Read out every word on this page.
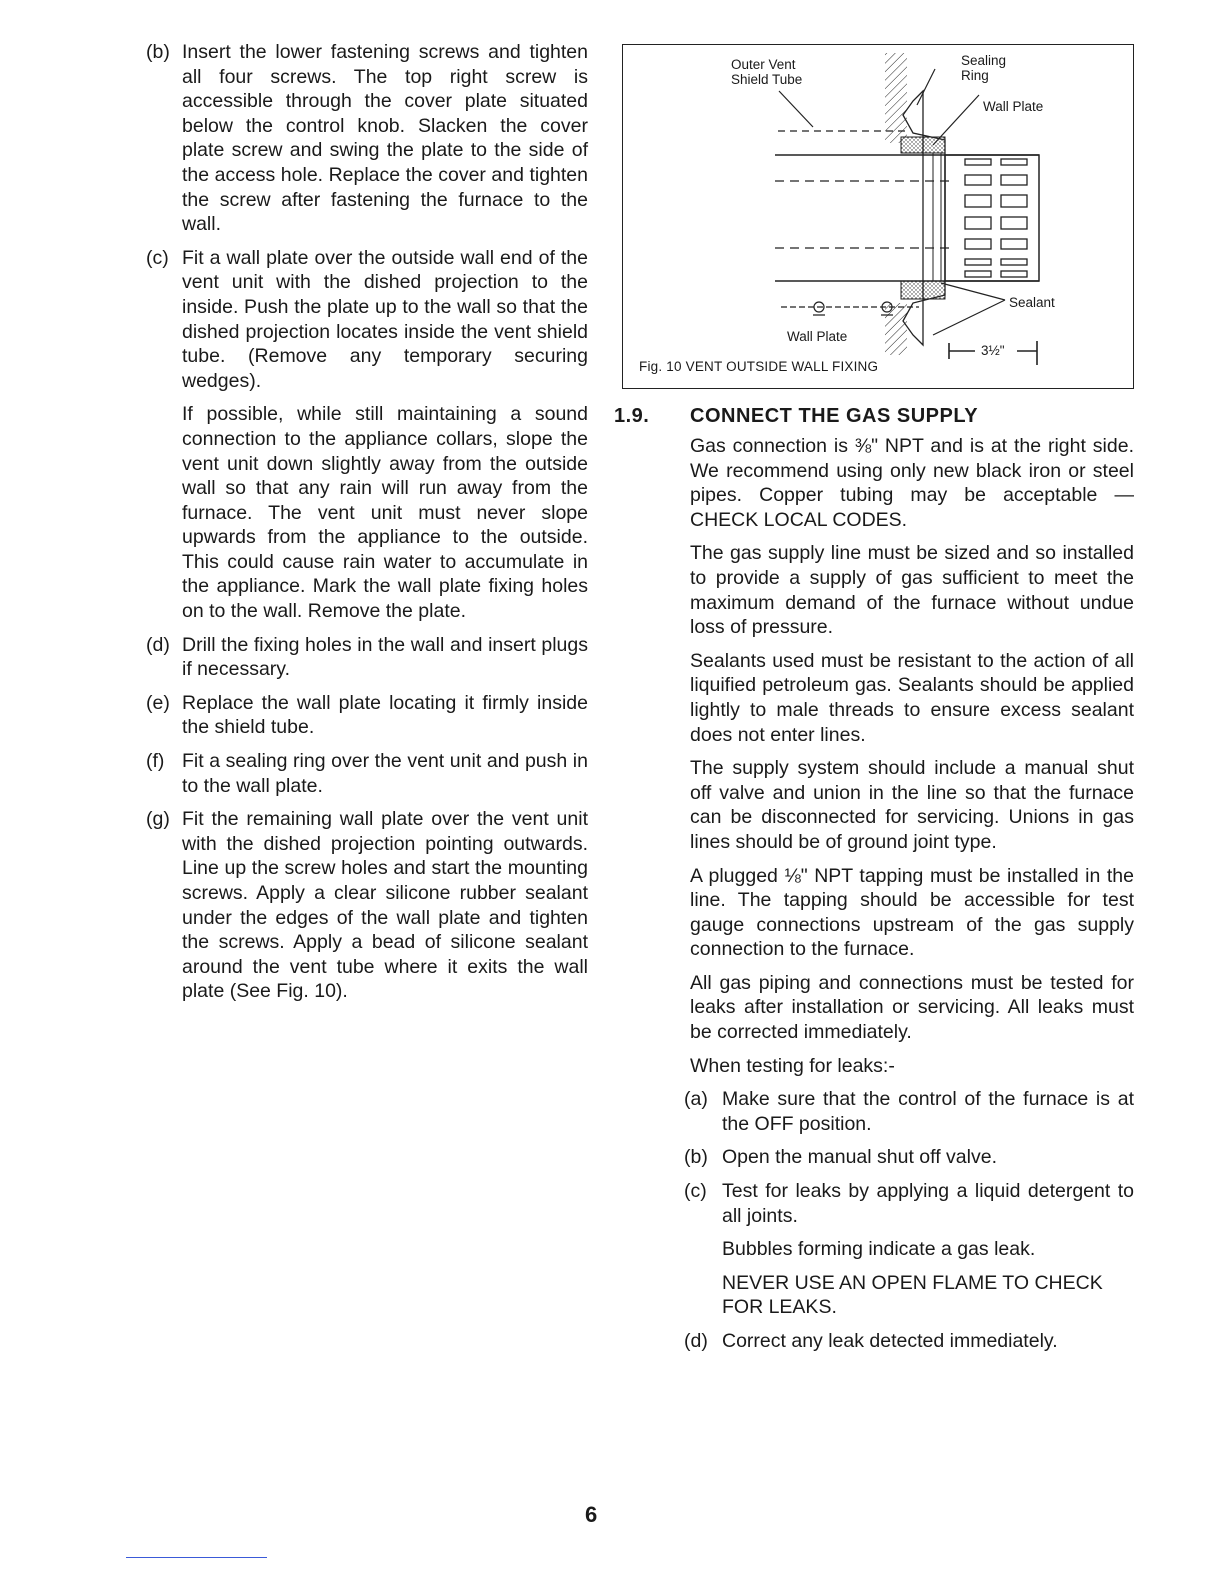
(b) Insert the lower fastening screws and tighten all four screws. The top right screw is accessible through the cover plate situated below the control knob. Slacken the cover plate screw and swing the plate to the side of the access hole. Replace the cover and tighten the screw after fastening the furnace to the wall.
(c) Fit a wall plate over the outside wall end of the vent unit with the dished projection to the inside. Push the plate up to the wall so that the dished projection locates inside the vent shield tube. (Remove any temporary securing wedges).
If possible, while still maintaining a sound connection to the appliance collars, slope the vent unit down slightly away from the outside wall so that any rain will run away from the furnace. The vent unit must never slope upwards from the appliance to the outside. This could cause rain water to accumulate in the appliance. Mark the wall plate fixing holes on to the wall. Remove the plate.
(d) Drill the fixing holes in the wall and insert plugs if necessary.
(e) Replace the wall plate locating it firmly inside the shield tube.
(f) Fit a sealing ring over the vent unit and push in to the wall plate.
(g) Fit the remaining wall plate over the vent unit with the dished projection pointing outwards. Line up the screw holes and start the mounting screws. Apply a clear silicone rubber sealant under the edges of the wall plate and tighten the screws. Apply a bead of silicone sealant around the vent tube where it exits the wall plate (See Fig. 10).
Outer Vent
Shield Tube
Sealing
Ring
Wall Plate
Sealant
Wall Plate
3½"
Fig. 10 VENT OUTSIDE WALL FIXING
1.9.	CONNECT THE GAS SUPPLY
Gas connection is ⅜" NPT and is at the right side. We recommend using only new black iron or steel pipes. Copper tubing may be acceptable — CHECK LOCAL CODES.
The gas supply line must be sized and so installed to provide a supply of gas sufficient to meet the maximum demand of the furnace without undue loss of pressure.
Sealants used must be resistant to the action of all liquified petroleum gas. Sealants should be applied lightly to male threads to ensure excess sealant does not enter lines.
The supply system should include a manual shut off valve and union in the line so that the furnace can be disconnected for servicing. Unions in gas lines should be of ground joint type.
A plugged ⅛" NPT tapping must be installed in the line. The tapping should be accessible for test gauge connections upstream of the gas supply connection to the furnace.
All gas piping and connections must be tested for leaks after installation or servicing. All leaks must be corrected immediately.
When testing for leaks:-
(a) Make sure that the control of the furnace is at the OFF position.
(b) Open the manual shut off valve.
(c) Test for leaks by applying a liquid detergent to all joints.
Bubbles forming indicate a gas leak.
NEVER USE AN OPEN FLAME TO CHECK FOR LEAKS.
(d) Correct any leak detected immediately.
6
